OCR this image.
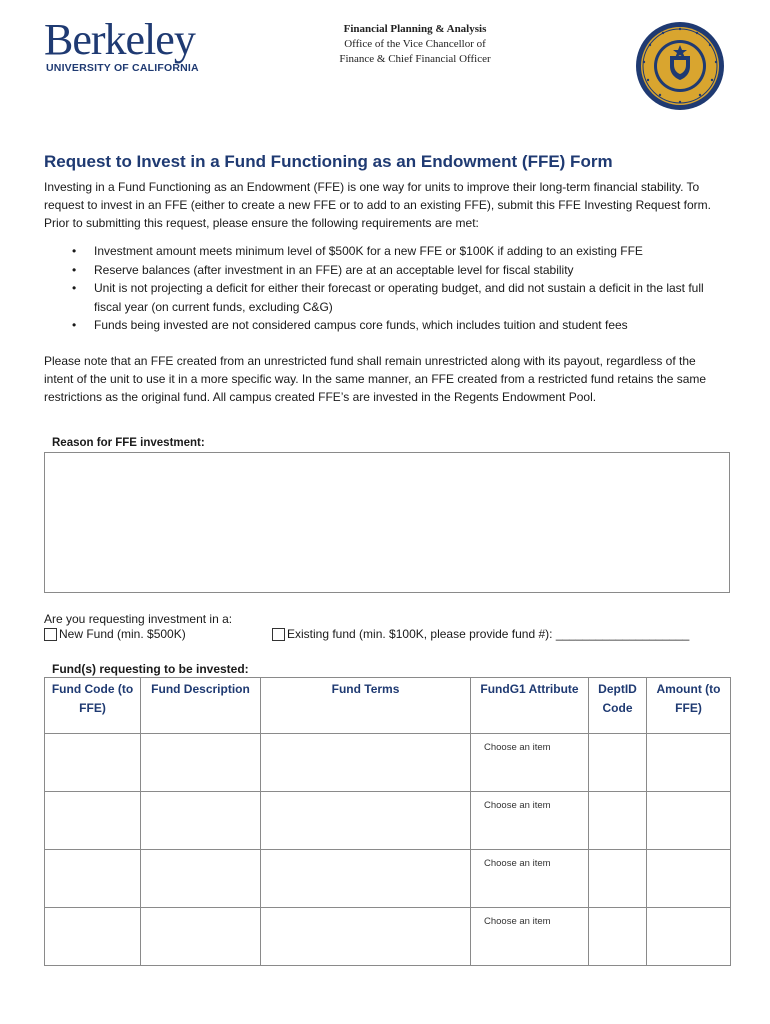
Berkeley
UNIVERSITY OF CALIFORNIA
Financial Planning & Analysis
Office of the Vice Chancellor of
Finance & Chief Financial Officer
Request to Invest in a Fund Functioning as an Endowment (FFE) Form

Investing in a Fund Functioning as an Endowment (FFE) is one way for units to improve their long-term financial stability. To request to invest in an FFE (either to create a new FFE or to add to an existing FFE), submit this FFE Investing Request form. Prior to submitting this request, please ensure the following requirements are met:

• Investment amount meets minimum level of $500K for a new FFE or $100K if adding to an existing FFE
• Reserve balances (after investment in an FFE) are at an acceptable level for fiscal stability
• Unit is not projecting a deficit for either their forecast or operating budget, and did not sustain a deficit in the last full fiscal year (on current funds, excluding C&G)
• Funds being invested are not considered campus core funds, which includes tuition and student fees

Please note that an FFE created from an unrestricted fund shall remain unrestricted along with its payout, regardless of the intent of the unit to use it in a more specific way. In the same manner, an FFE created from a restricted fund retains the same restrictions as the original fund. All campus created FFE’s are invested in the Regents Endowment Pool.

Reason for FFE investment:
Are you requesting investment in a:
New Fund (min. $500K)	Existing fund (min. $100K, please provide fund #): ____________________
Fund(s) requesting to be invested:
Fund Code (to FFE)	Fund Description	Fund Terms	FundG1 Attribute	DeptID Code	Amount (to FFE)

			Choose an item		

			Choose an item		

			Choose an item		

			Choose an item		
